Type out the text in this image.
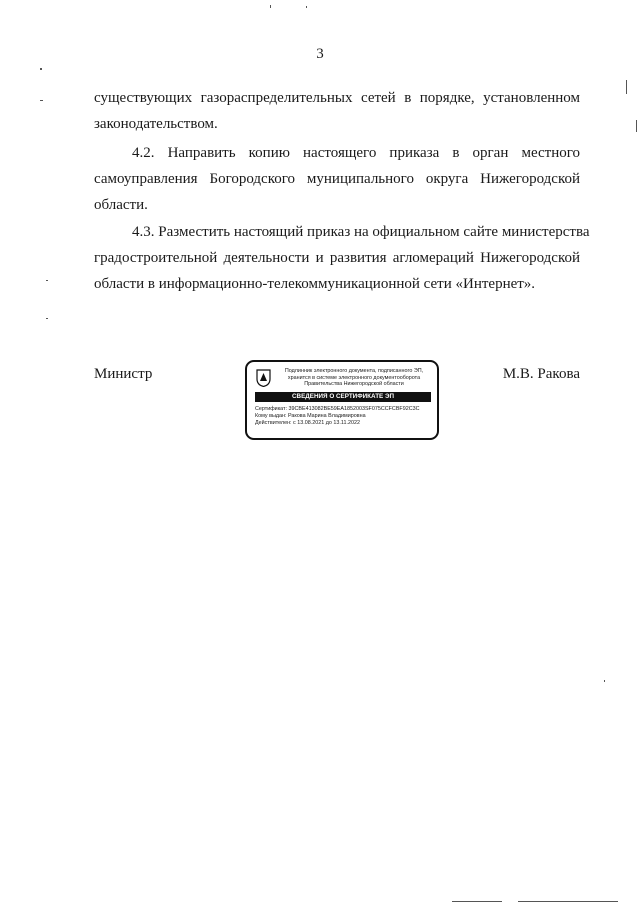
3
существующих газораспределительных сетей в порядке, установленном
законодательством.
4.2. Направить копию настоящего приказа в орган местного
самоуправления Богородского муниципального округа Нижегородской
области.
4.3. Разместить настоящий приказ на официальном сайте министерства
градостроительной деятельности и развития агломераций Нижегородской
области в информационно-телекоммуникационной сети «Интернет».
Министр	М.В. Ракова
Подлинник электронного документа, подписанного ЭП,
хранится в системе электронного документооборота
Правительства Нижегородской области
СВЕДЕНИЯ О СЕРТИФИКАТЕ ЭП
Сертификат: 39CBE413082BE59EA1852003SF075CCFCBF92C3C
Кому выдан: Ракова Марина Владимировна
Действителен: с 13.08.2021 до 13.11.2022
